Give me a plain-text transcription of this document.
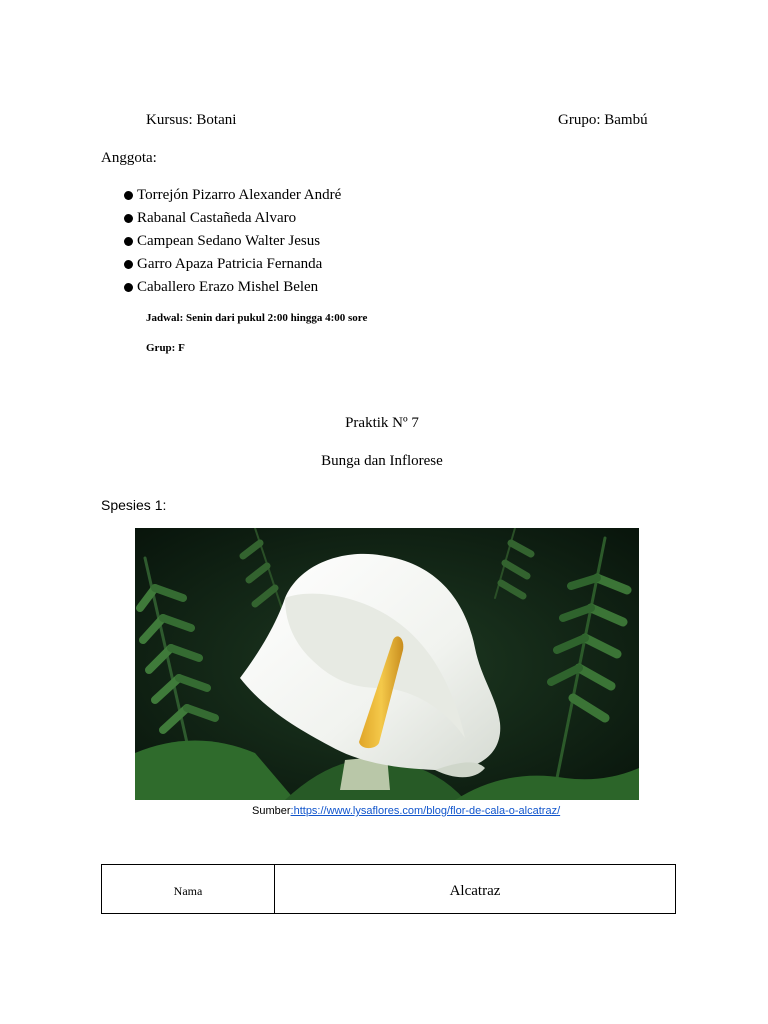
Kursus: Botani	Grupo: Bambú
Anggota:
Torrejón Pizarro Alexander André
Rabanal Castañeda Alvaro
Campean Sedano Walter Jesus
Garro Apaza Patricia Fernanda
Caballero Erazo Mishel Belen
Jadwal: Senin dari pukul 2:00 hingga 4:00 sore
Grup: F
Praktik Nº 7
Bunga dan Inflorese
Spesies 1:
Sumber:https://www.lysaflores.com/blog/flor-de-cala-o-alcatraz/
Nama	Alcatraz
